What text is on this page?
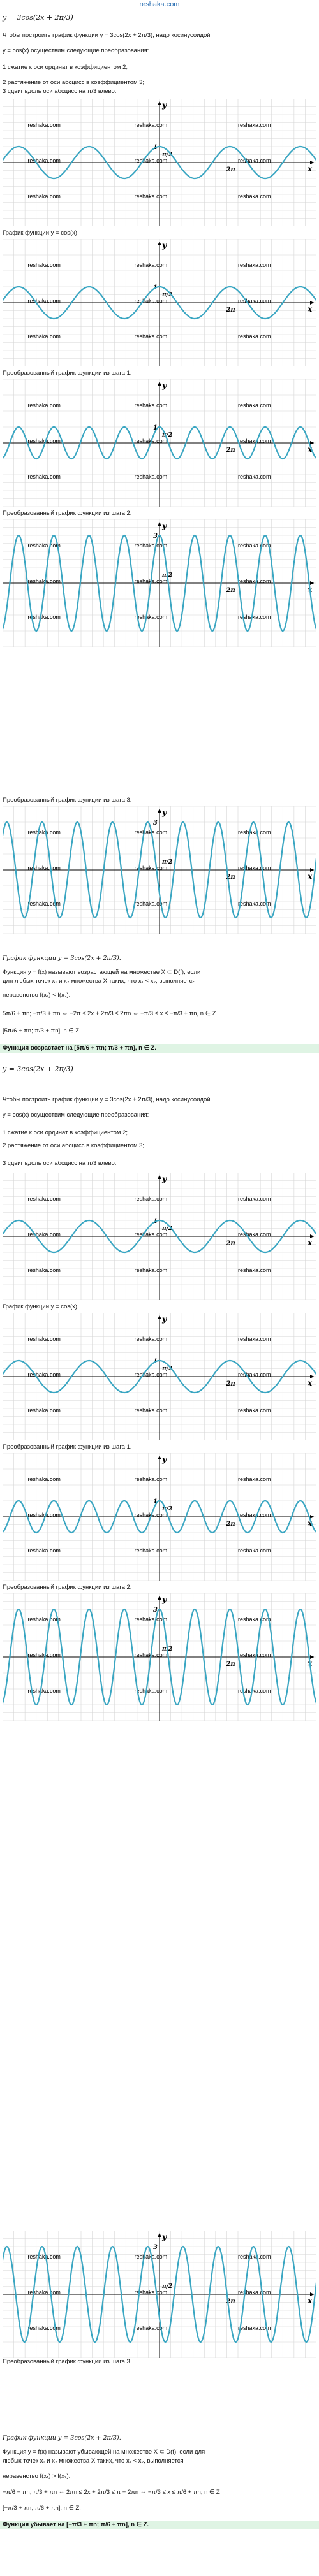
reshaka.com
y = 3cos(2x + 2π/3)
Чтобы построить график функции y = 3cos(2x + 2π/3), надо косинусоидой
y = cos(x) осуществим следующие преобразования:
1 сжатие к оси ординат в коэффициентом 2;
2 растяжение от оси абсцисс в коэффициентом 3;
3 сдвиг вдоль оси абсцисс на π/3 влево.
reshaka.com	reshaka.com	reshaka.com
reshaka.com	reshaka.com	reshaka.com
reshaka.com	reshaka.com	reshaka.com
x
y
1
π/2
2π
График функции y = cos(x).
reshaka.com	reshaka.com	reshaka.com
reshaka.com	reshaka.com	reshaka.com
reshaka.com	reshaka.com	reshaka.com
x
y
1
π/2
2π
Преобразованный график функции из шага 1.
reshaka.com	reshaka.com	reshaka.com
reshaka.com	reshaka.com	reshaka.com
reshaka.com	reshaka.com	reshaka.com
x
y
1
π/2
2π
Преобразованный график функции из шага 2.
reshaka.com	reshaka.com	reshaka.com
reshaka.com	reshaka.com	reshaka.com
reshaka.com	reshaka.com	reshaka.com
x
y
3
π/2
2π
Преобразованный график функции из шага 3.
reshaka.com	reshaka.com	reshaka.com
reshaka.com	reshaka.com	reshaka.com
reshaka.com	reshaka.com	reshaka.com
x
y
3
π/2
2π
График функции y = 3cos(2x + 2π/3).
Функция y = f(x) называют возрастающей на множестве X ⊂ D(f), если
для любых точек x₁ и x₂ множества X таких, что x₁ < x₂, выполняется
неравенство f(x₁) < f(x₂).
5π/6 + πn; −π/3 + πn ⇔ −2π ≤ 2x + 2π/3 ≤ 2πn ⇔ −π/3 ≤ x ≤ −π/3 + πn, n ∈ Z
[5π/6 + πn; π/3 + πn], n ∈ Z.
Функция возрастает на [5π/6 + πn; π/3 + πn], n ∈ Z.
y = 3cos(2x + 2π/3)
Чтобы построить график функции y = 3cos(2x + 2π/3), надо косинусоидой
y = cos(x) осуществим следующие преобразования:
1 сжатие к оси ординат в коэффициентом 2;
2 растяжение от оси абсцисс в коэффициентом 3;
3 сдвиг вдоль оси абсцисс на π/3 влево.
reshaka.com	reshaka.com	reshaka.com
reshaka.com	reshaka.com	reshaka.com
reshaka.com	reshaka.com	reshaka.com
x
y
1
π/2
2π
График функции y = cos(x).
reshaka.com	reshaka.com	reshaka.com
reshaka.com	reshaka.com	reshaka.com
reshaka.com	reshaka.com	reshaka.com
x
y
1
π/2
2π
Преобразованный график функции из шага 1.
reshaka.com	reshaka.com	reshaka.com
reshaka.com	reshaka.com	reshaka.com
reshaka.com	reshaka.com	reshaka.com
x
y
1
π/2
2π
Преобразованный график функции из шага 2.
reshaka.com	reshaka.com	reshaka.com
reshaka.com	reshaka.com	reshaka.com
reshaka.com	reshaka.com	reshaka.com
x
y
3
π/2
2π
Преобразованный график функции из шага 3.
reshaka.com	reshaka.com	reshaka.com
reshaka.com	reshaka.com	reshaka.com
reshaka.com	reshaka.com	reshaka.com
x
y
3
π/2
2π
График функции y = 3cos(2x + 2π/3).
Функция y = f(x) называют убывающей на множестве X ⊂ D(f), если для
любых точек x₁ и x₂ множества X таких, что x₁ < x₂, выполняется
неравенство f(x₁) > f(x₂).
−π/6 + πn; π/3 + πn ⇔ 2πn ≤ 2x + 2π/3 ≤ π + 2πn ⇔ −π/3 ≤ x ≤ π/6 + πn, n ∈ Z
[−π/3 + πn; π/6 + πn], n ∈ Z.
Функция убывает на [−π/3 + πn; π/6 + πn], n ∈ Z.
